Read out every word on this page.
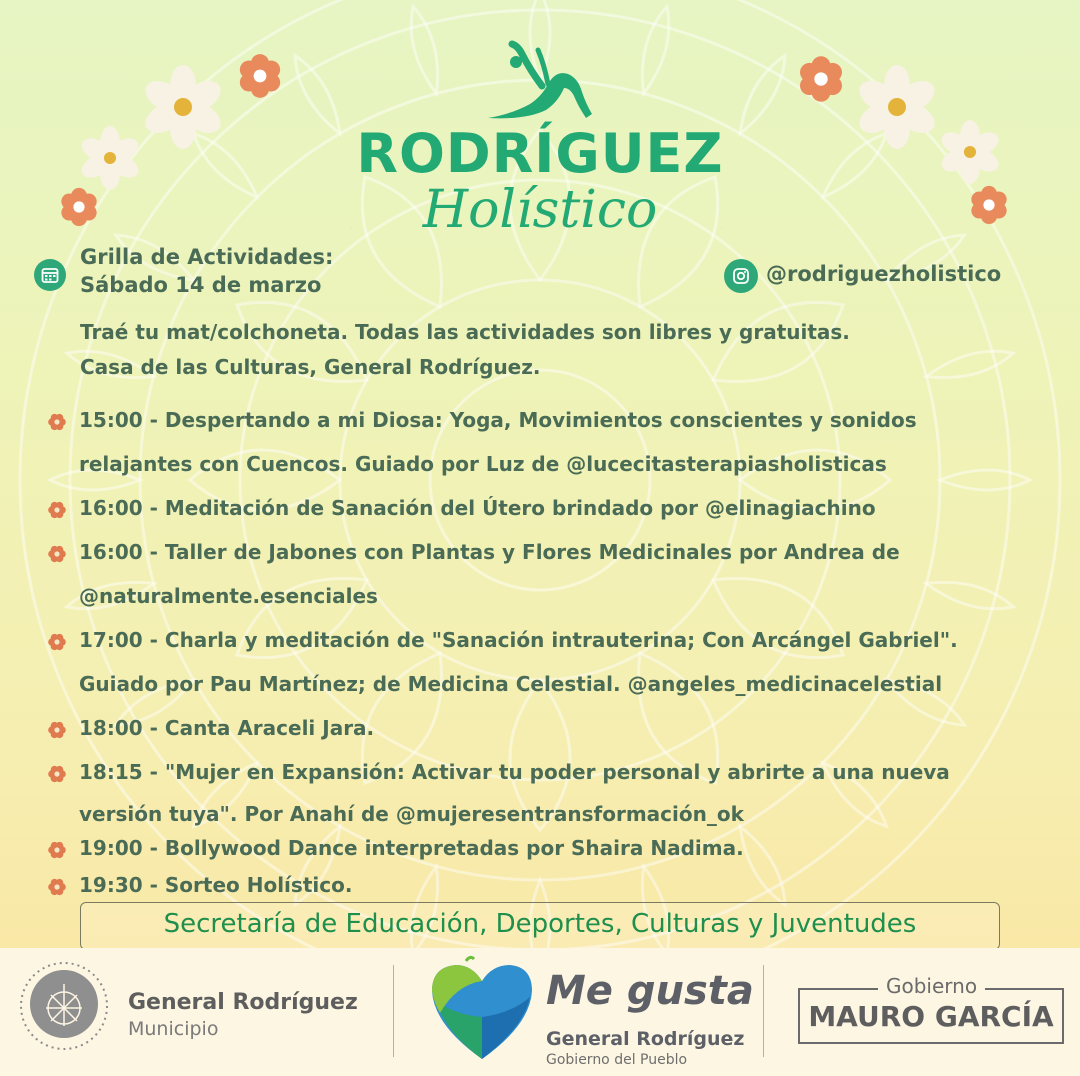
RODRÍGUEZ
Holístico
Grilla de Actividades:
Sábado 14 de marzo	@rodriguezholistico
Traé tu mat/colchoneta. Todas las actividades son libres y gratuitas.
Casa de las Culturas, General Rodríguez.
15:00 - Despertando a mi Diosa: Yoga, Movimientos conscientes y sonidos
relajantes con Cuencos. Guiado por Luz de @lucecitasterapiasholisticas
16:00 - Meditación de Sanación del Útero brindado por @elinagiachino
16:00 - Taller de Jabones con Plantas y Flores Medicinales por Andrea de
@naturalmente.esenciales
17:00 - Charla y meditación de "Sanación intrauterina; Con Arcángel Gabriel".
Guiado por Pau Martínez; de Medicina Celestial. @angeles_medicinacelestial
18:00 - Canta Araceli Jara.
18:15 - "Mujer en Expansión: Activar tu poder personal y abrirte a una nueva
versión tuya". Por Anahí de @mujeresentransformación_ok
19:00 - Bollywood Dance interpretadas por Shaira Nadima.
19:30 - Sorteo Holístico.
Secretaría de Educación, Deportes, Culturas y Juventudes
General Rodríguez
Municipio
Me gusta
General Rodríguez
Gobierno del Pueblo
Gobierno
MAURO GARCÍA
